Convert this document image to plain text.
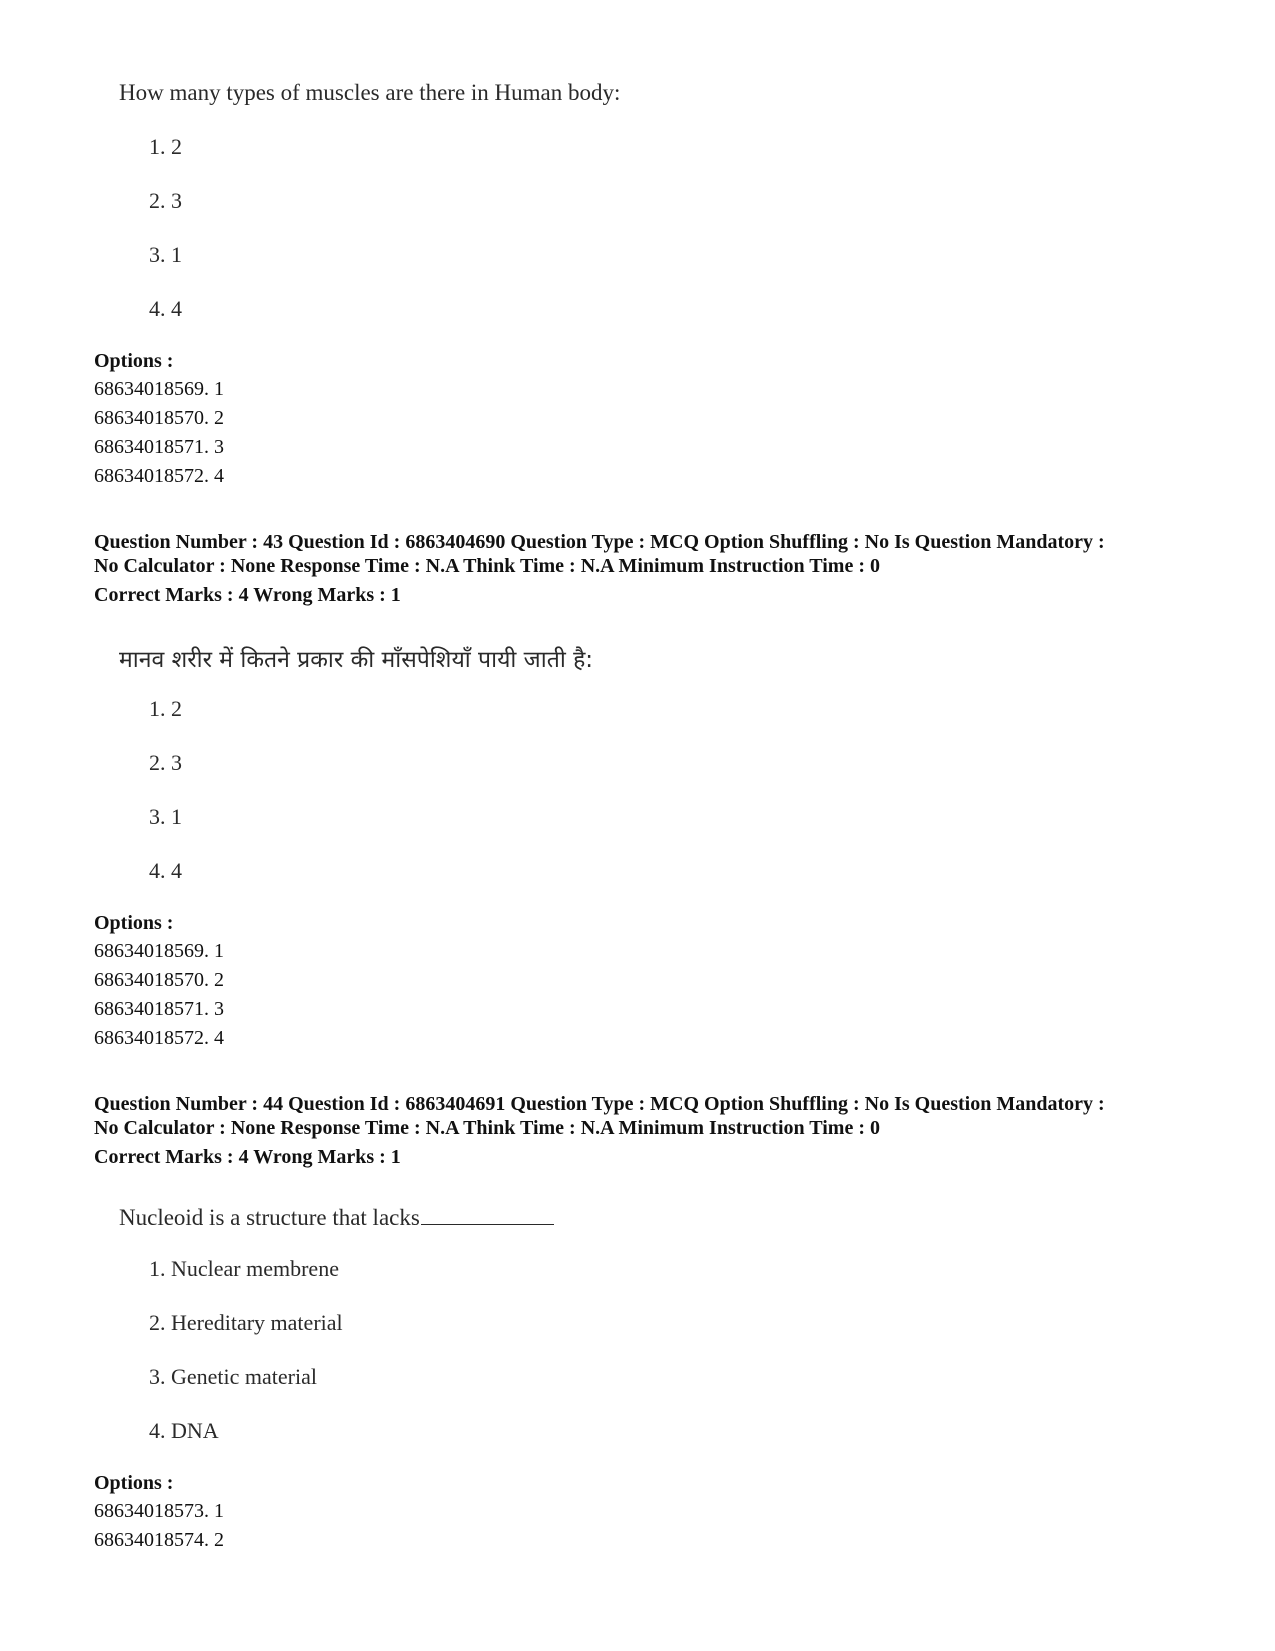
How many types of muscles are there in Human body:
1. 2
2. 3
3. 1
4. 4
Options :
68634018569. 1
68634018570. 2
68634018571. 3
68634018572. 4
Question Number : 43 Question Id : 6863404690 Question Type : MCQ Option Shuffling : No Is Question Mandatory :
No Calculator : None Response Time : N.A Think Time : N.A Minimum Instruction Time : 0
Correct Marks : 4 Wrong Marks : 1
मानव शरीर में कितने प्रकार की माँसपेशियाँ पायी जाती है:
1. 2
2. 3
3. 1
4. 4
Options :
68634018569. 1
68634018570. 2
68634018571. 3
68634018572. 4
Question Number : 44 Question Id : 6863404691 Question Type : MCQ Option Shuffling : No Is Question Mandatory :
No Calculator : None Response Time : N.A Think Time : N.A Minimum Instruction Time : 0
Correct Marks : 4 Wrong Marks : 1
Nucleoid is a structure that lacks
1. Nuclear membrene
2. Hereditary material
3. Genetic material
4. DNA
Options :
68634018573. 1
68634018574. 2
